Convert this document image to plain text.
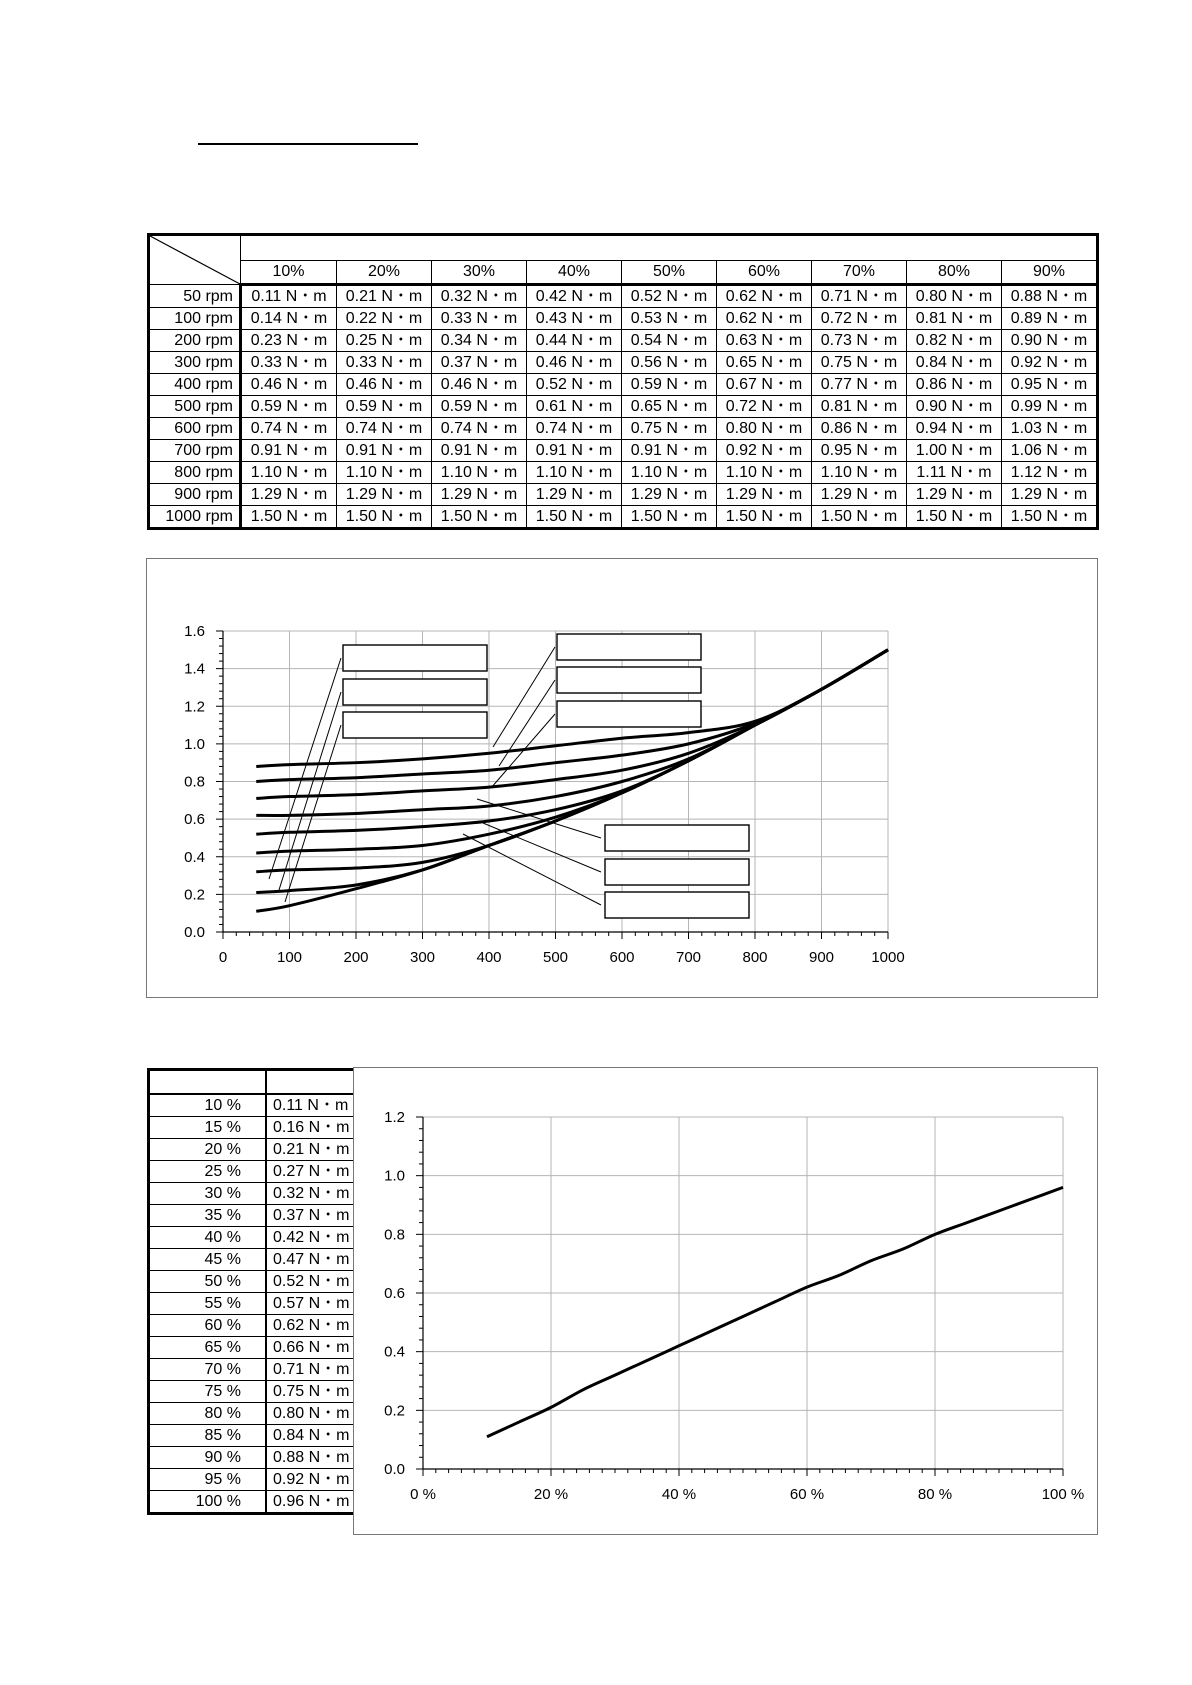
	10%	20%	30%	40%	50%	60%	70%	80%	90%
50 rpm	0.11 N・m	0.21 N・m	0.32 N・m	0.42 N・m	0.52 N・m	0.62 N・m	0.71 N・m	0.80 N・m	0.88 N・m
100 rpm	0.14 N・m	0.22 N・m	0.33 N・m	0.43 N・m	0.53 N・m	0.62 N・m	0.72 N・m	0.81 N・m	0.89 N・m
200 rpm	0.23 N・m	0.25 N・m	0.34 N・m	0.44 N・m	0.54 N・m	0.63 N・m	0.73 N・m	0.82 N・m	0.90 N・m
300 rpm	0.33 N・m	0.33 N・m	0.37 N・m	0.46 N・m	0.56 N・m	0.65 N・m	0.75 N・m	0.84 N・m	0.92 N・m
400 rpm	0.46 N・m	0.46 N・m	0.46 N・m	0.52 N・m	0.59 N・m	0.67 N・m	0.77 N・m	0.86 N・m	0.95 N・m
500 rpm	0.59 N・m	0.59 N・m	0.59 N・m	0.61 N・m	0.65 N・m	0.72 N・m	0.81 N・m	0.90 N・m	0.99 N・m
600 rpm	0.74 N・m	0.74 N・m	0.74 N・m	0.74 N・m	0.75 N・m	0.80 N・m	0.86 N・m	0.94 N・m	1.03 N・m
700 rpm	0.91 N・m	0.91 N・m	0.91 N・m	0.91 N・m	0.91 N・m	0.92 N・m	0.95 N・m	1.00 N・m	1.06 N・m
800 rpm	1.10 N・m	1.10 N・m	1.10 N・m	1.10 N・m	1.10 N・m	1.10 N・m	1.10 N・m	1.11 N・m	1.12 N・m
900 rpm	1.29 N・m	1.29 N・m	1.29 N・m	1.29 N・m	1.29 N・m	1.29 N・m	1.29 N・m	1.29 N・m	1.29 N・m
1000 rpm	1.50 N・m	1.50 N・m	1.50 N・m	1.50 N・m	1.50 N・m	1.50 N・m	1.50 N・m	1.50 N・m	1.50 N・m
0	100	200	300	400	500	600	700	800	900 1000
0.0
0.2
0.4
0.6
0.8
1.0
1.2
1.4
1.6

10 %	0.11 N・m
15 %	0.16 N・m
20 %	0.21 N・m
25 %	0.27 N・m
30 %	0.32 N・m
35 %	0.37 N・m
40 %	0.42 N・m
45 %	0.47 N・m
50 %	0.52 N・m
55 %	0.57 N・m
60 %	0.62 N・m
65 %	0.66 N・m
70 %	0.71 N・m
75 %	0.75 N・m
80 %	0.80 N・m
85 %	0.84 N・m
90 %	0.88 N・m
95 %	0.92 N・m
100 %	0.96 N・m	0 %	20 %	40 %	60 %	80 %	100 %
0.0
0.2
0.4
0.6
0.8
1.0
1.2
